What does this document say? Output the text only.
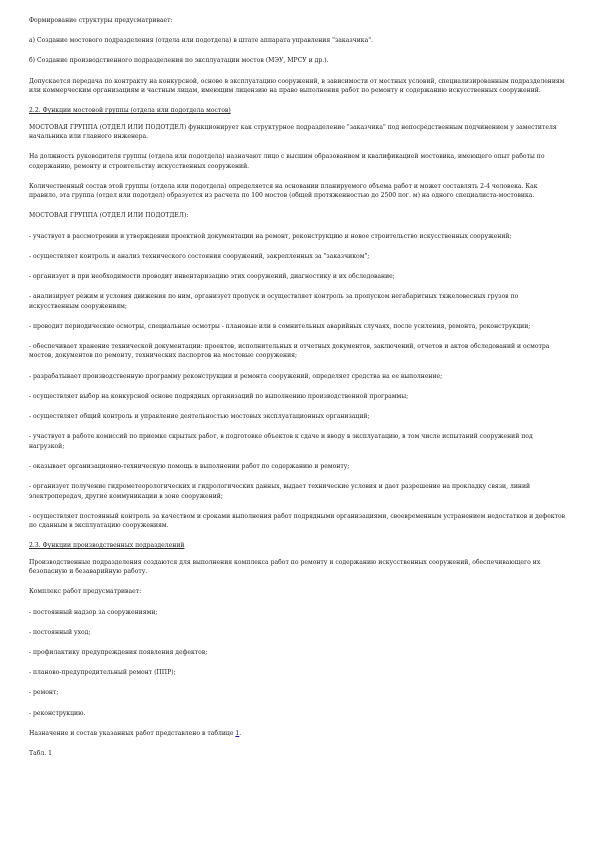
Формирование структуры предусматривает:

а) Создание мостового подразделения (отдела или подотдела) в штате аппарата управления "заказчика".

б) Создание производственного подразделения по эксплуатации мостов (МЭУ, МРСУ и др.).

Допускается передача по контракту на конкурсной, основе в эксплуатацию сооружений, в зависимости от местных условий, специализированным подразделениям или коммерческим организациям и частным лицам, имеющим лицензию на право выполнения работ по ремонту и содержанию искусственных сооружений.

2.2. Функции мостовой группы (отдела или подотдела мостов)

МОСТОВАЯ ГРУППА (ОТДЕЛ ИЛИ ПОДОТДЕЛ) функционирует как структурное подразделение "заказчика" под непосредственным подчинением у заместителя начальника или главного инженера.

На должность руководителя группы (отдела или подотдела) назначают лицо с высшим образованием и квалификацией мостовика, имеющего опыт работы по содержанию, ремонту и строительству искусственных сооружений.

Количественный состав этой группы (отдела или подотдела) определяется на основании планируемого объема работ и может составлять 2-4 человека. Как правило, эта группа (отдел или подотдел) образуется из расчета по 100 мостов (общей протяженностью до 2500 пог. м) на одного специалиста-мостовика.

МОСТОВАЯ ГРУППА (ОТДЕЛ ИЛИ ПОДОТДЕЛ):

- участвует в рассмотрении и утверждении проектной документации на ремонт, реконструкцию и новое строительство искусственных сооружений;

- осуществляет контроль и анализ технического состояния сооружений, закрепленных за "заказчиком";

- организует и при необходимости проводит инвентаризацию этих сооружений, диагностику и их обследование;

- анализирует режим и условия движения по ним, организует пропуск и осуществляет контроль за пропуском негабаритных тяжеловесных грузов по искусственным сооружениям;

- проводит периодические осмотры, специальные осмотры - плановые или в сомнительных аварийных случаях, после усиления, ремонта, реконструкции;

- обеспечивает хранение технической документации: проектов, исполнительных и отчетных документов, заключений, отчетов и актов обследований и осмотра мостов, документов по ремонту, технических паспортов на мостовые сооружения;

- разрабатывает производственную программу реконструкции и ремонта сооружений, определяет средства на ее выполнение;

- осуществляет выбор на конкурсной основе подрядных организаций по выполнению производственной программы;

- осуществляет общий контроль и управление деятельностью мостовых эксплуатационных организаций;

- участвует в работе комиссий по приемке скрытых работ, в подготовке объектов к сдаче и вводу в эксплуатацию, в том числе испытаний сооружений под нагрузкой;

- оказывает организационно-техническую помощь в выполнении работ по содержанию и ремонту;

- организует получение гидрометеорологических и гидрологических данных, выдает технические условия и дает разрешение на прокладку связи, линий электропередач, другие коммуникации в зоне сооружений;

- осуществляет постоянный контроль за качеством и сроками выполнения работ подрядными организациями, своевременным устранением недостатков и дефектов по сданным в эксплуатацию сооружениям.

2.3. Функции производственных подразделений

Производственные подразделения создаются для выполнения комплекса работ по ремонту и содержанию искусственных сооружений, обеспечивающего их безопасную и безаварийную работу.

Комплекс работ предусматривает:

- постоянный надзор за сооружениями;

- постоянный уход;

- профилактику предупреждения появления дефектов;

- планово-предупредительный ремонт (ППР);

- ремонт;

- реконструкцию.

Назначение и состав указанных работ представлено в таблице 1.

Табл. 1
